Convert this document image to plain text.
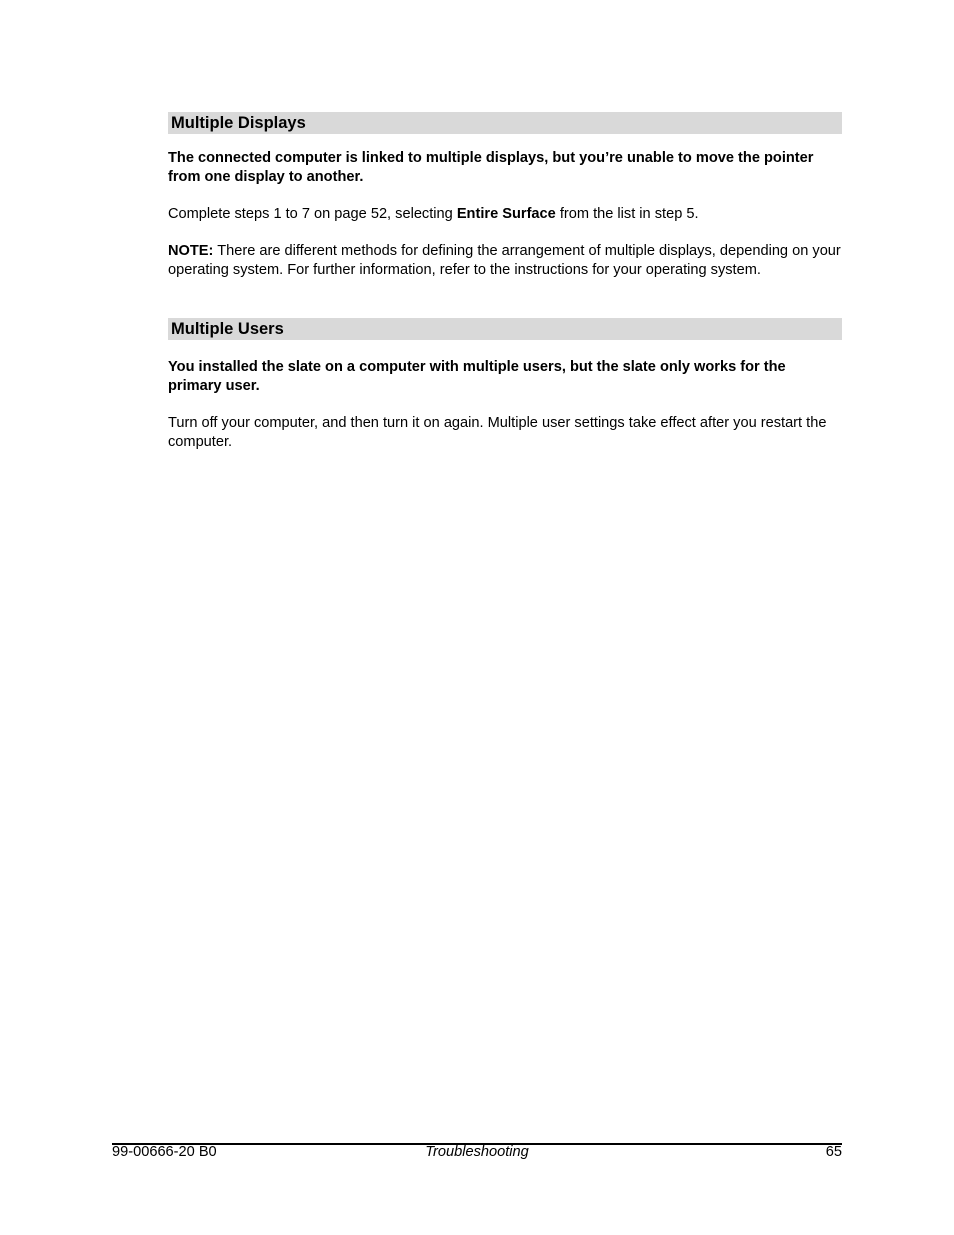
Multiple Displays

The connected computer is linked to multiple displays, but you’re unable to move the pointer from one display to another.

Complete steps 1 to 7 on page 52, selecting Entire Surface from the list in step 5.

NOTE: There are different methods for defining the arrangement of multiple displays, depending on your operating system. For further information, refer to the instructions for your operating system.

Multiple Users

You installed the slate on a computer with multiple users, but the slate only works for the primary user.

Turn off your computer, and then turn it on again. Multiple user settings take effect after you restart the computer.

99-00666-20 B0	Troubleshooting	65
